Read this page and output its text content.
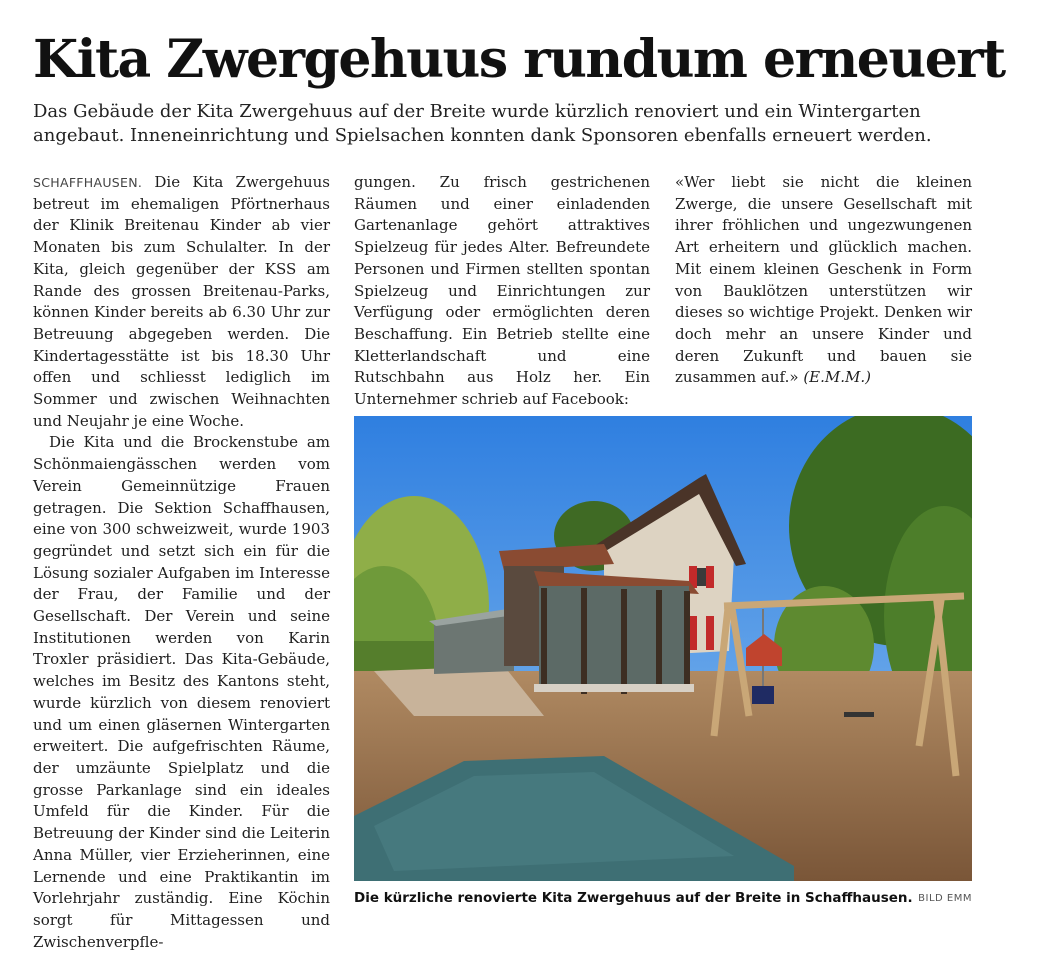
Kita Zwergehuus rundum erneuert

Das Gebäude der Kita Zwergehuus auf der Breite wurde kürzlich renoviert und ein Wintergarten
angebaut. Inneneinrichtung und Spielsachen konnten dank Sponsoren ebenfalls erneuert werden.

SCHAFFHAUSEN. Die Kita Zwergehuus betreut im ehemaligen Pförtnerhaus der Klinik Breitenau Kinder ab vier Monaten bis zum Schulalter. In der Kita, gleich gegenüber der KSS am Rande des grossen Breitenau-Parks, können Kinder bereits ab 6.30 Uhr zur Betreuung abgegeben werden. Die Kindertagesstätte ist bis 18.30 Uhr offen und schliesst lediglich im Sommer und zwischen Weihnachten und Neujahr je eine Woche.

Die Kita und die Brockenstube am Schönmaiengässchen werden vom Verein Gemeinnützige Frauen getragen. Die Sektion Schaffhausen, eine von 300 schweizweit, wurde 1903 gegründet und setzt sich ein für die Lösung sozialer Aufgaben im Interesse der Frau, der Familie und der Gesellschaft. Der Verein und seine Institutionen werden von Karin Troxler präsidiert. Das Kita-Gebäude, welches im Besitz des Kantons steht, wurde kürzlich von diesem renoviert und um einen gläsernen Wintergarten erweitert. Die aufgefrischten Räume, der umzäunte Spielplatz und die grosse Parkanlage sind ein ideales Umfeld für die Kinder. Für die Betreuung der Kinder sind die Leiterin Anna Müller, vier Erzieherinnen, eine Lernende und eine Praktikantin im Vorlehrjahr zuständig. Eine Köchin sorgt für Mittagessen und Zwischenverpfle-

gungen. Zu frisch gestrichenen Räumen und einer einladenden Gartenanlage gehört attraktives Spielzeug für jedes Alter. Befreundete Personen und Firmen stellten spontan Spielzeug und Einrichtungen zur Verfügung oder ermöglichten deren Beschaffung. Ein Betrieb stellte eine Kletterlandschaft und eine Rutschbahn aus Holz her. Ein Unternehmer schrieb auf Facebook:

«Wer liebt sie nicht die kleinen Zwerge, die unsere Gesellschaft mit ihrer fröhlichen und ungezwungenen Art erheitern und glücklich machen. Mit einem kleinen Geschenk in Form von Bauklötzen unterstützen wir dieses so wichtige Projekt. Denken wir doch mehr an unsere Kinder und deren Zukunft und bauen sie zusammen auf.» (E.M.M.)

Die kürzliche renovierte Kita Zwergehuus auf der Breite in Schaffhausen. BILD EMM
